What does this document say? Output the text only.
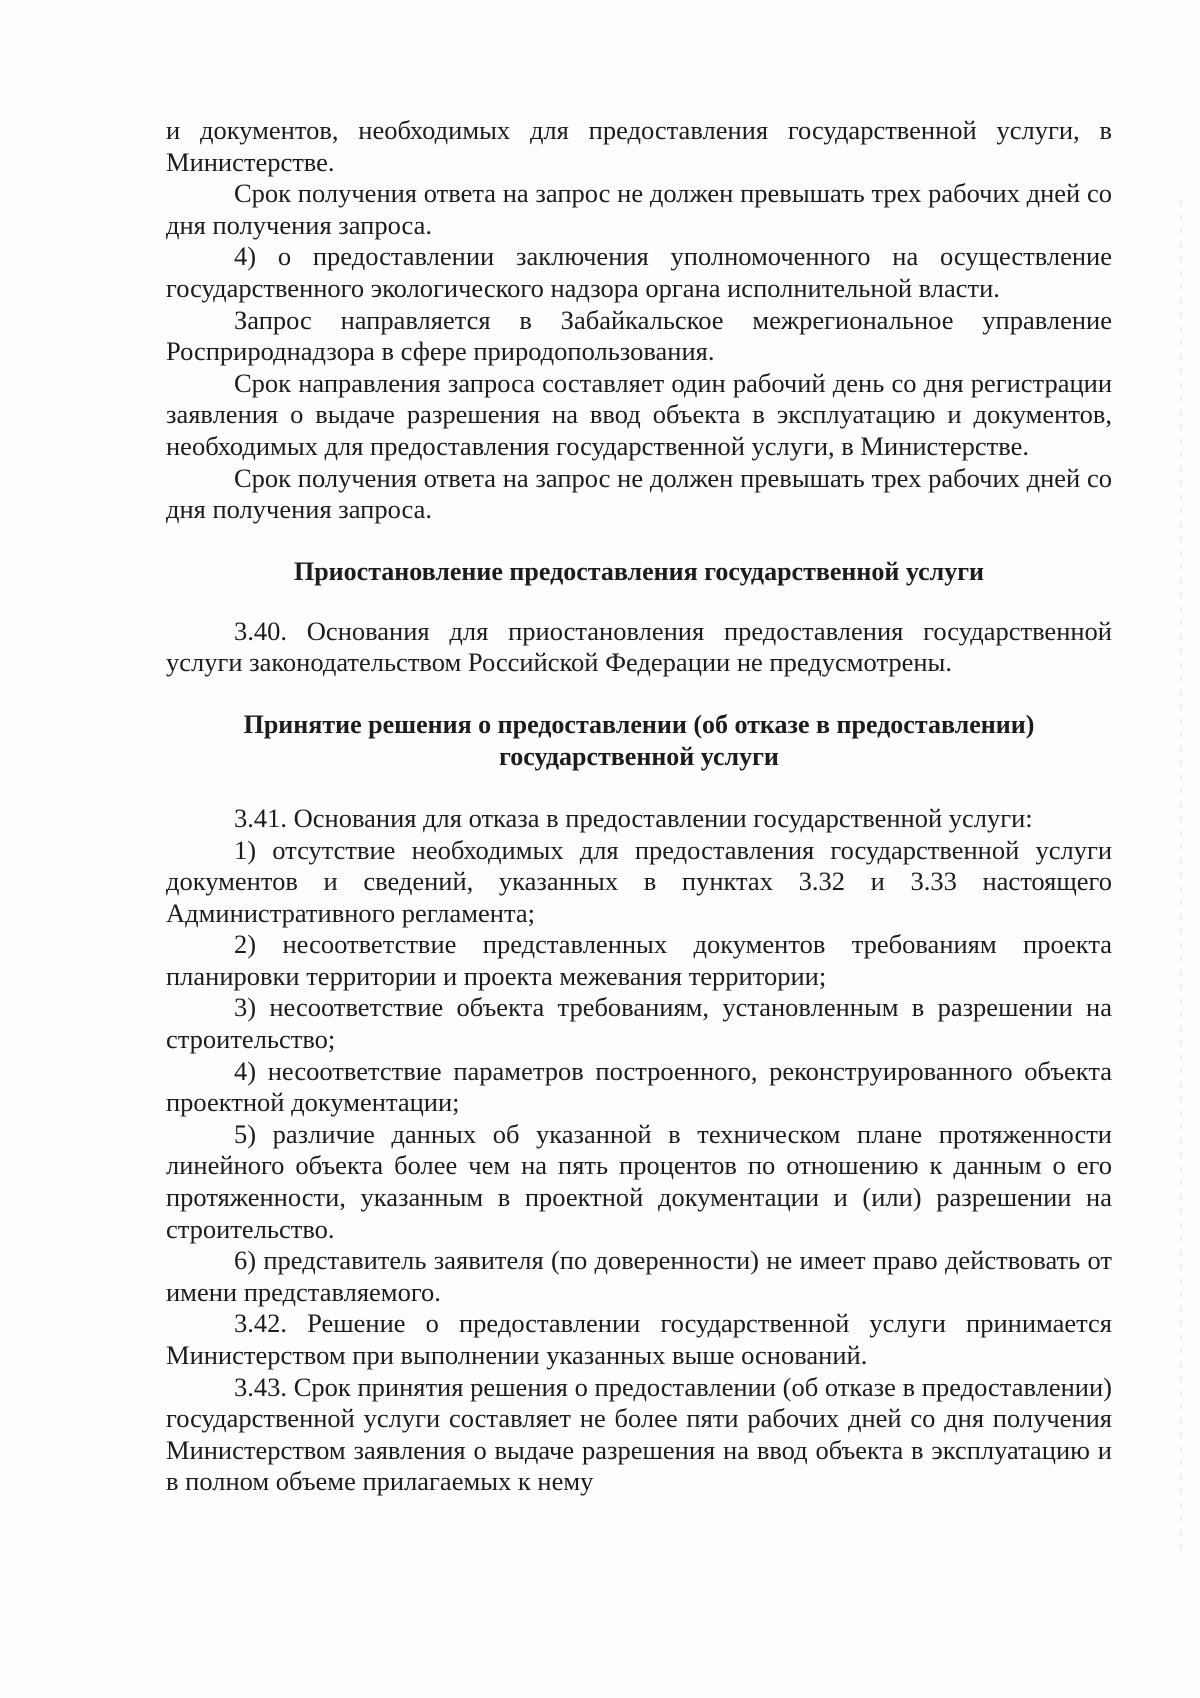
и документов, необходимых для предоставления государственной услуги, в Министерстве.

Срок получения ответа на запрос не должен превышать трех рабочих дней со дня получения запроса.

4) о предоставлении заключения уполномоченного на осуществление государственного экологического надзора органа исполнительной власти.

Запрос направляется в Забайкальское межрегиональное управление Росприроднадзора в сфере природопользования.

Срок направления запроса составляет один рабочий день со дня регистрации заявления о выдаче разрешения на ввод объекта в эксплуатацию и документов, необходимых для предоставления государственной услуги, в Министерстве.

Срок получения ответа на запрос не должен превышать трех рабочих дней со дня получения запроса.

Приостановление предоставления государственной услуги

3.40. Основания для приостановления предоставления государственной услуги законодательством Российской Федерации не предусмотрены.

Принятие решения о предоставлении (об отказе в предоставлении)
государственной услуги

3.41. Основания для отказа в предоставлении государственной услуги:

1) отсутствие необходимых для предоставления государственной услуги документов и сведений, указанных в пунктах 3.32 и 3.33 настоящего Административного регламента;

2) несоответствие представленных документов требованиям проекта планировки территории и проекта межевания территории;

3) несоответствие объекта требованиям, установленным в разрешении на строительство;

4) несоответствие параметров построенного, реконструированного объекта проектной документации;

5) различие данных об указанной в техническом плане протяженности линейного объекта более чем на пять процентов по отношению к данным о его протяженности, указанным в проектной документации и (или) разрешении на строительство.

6) представитель заявителя (по доверенности) не имеет право действовать от имени представляемого.

3.42. Решение о предоставлении государственной услуги принимается Министерством при выполнении указанных выше оснований.

3.43. Срок принятия решения о предоставлении (об отказе в предоставлении) государственной услуги составляет не более пяти рабочих дней со дня получения Министерством заявления о выдаче разрешения на ввод объекта в эксплуатацию и в полном объеме прилагаемых к нему
